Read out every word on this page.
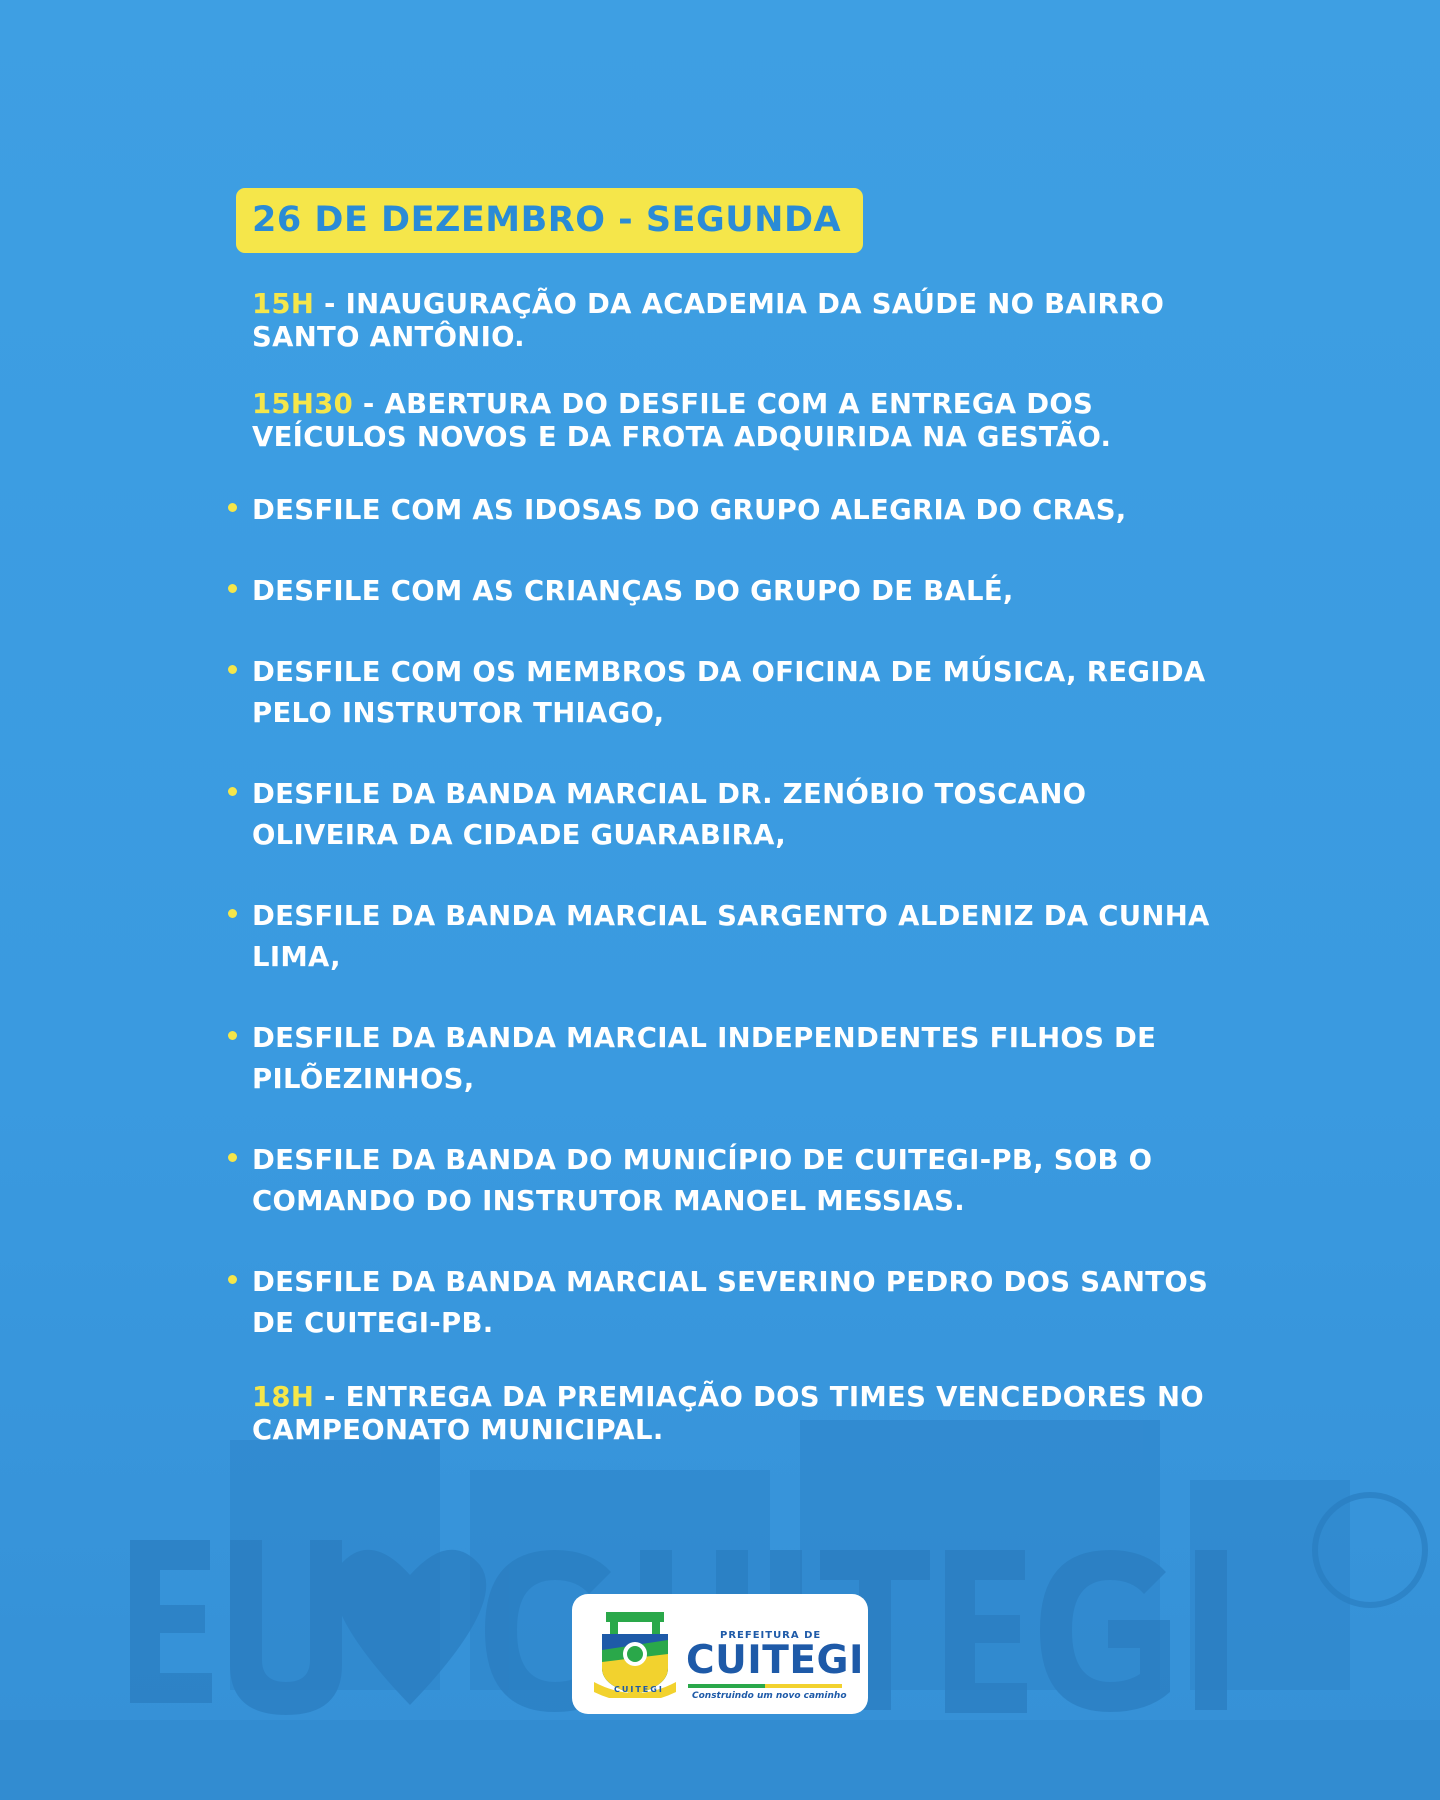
26 DE DEZEMBRO - SEGUNDA
15H - INAUGURAÇÃO DA ACADEMIA DA SAÚDE NO BAIRRO SANTO ANTÔNIO.
15H30 - ABERTURA DO DESFILE COM A ENTREGA DOS VEÍCULOS NOVOS E DA FROTA ADQUIRIDA NA GESTÃO.
DESFILE COM AS IDOSAS DO GRUPO ALEGRIA DO CRAS,
DESFILE COM AS CRIANÇAS DO GRUPO DE BALÉ,
DESFILE COM OS MEMBROS DA OFICINA DE MÚSICA, REGIDA PELO INSTRUTOR THIAGO,
DESFILE DA BANDA MARCIAL DR. ZENÓBIO TOSCANO OLIVEIRA DA CIDADE GUARABIRA,
DESFILE DA BANDA MARCIAL SARGENTO ALDENIZ DA CUNHA LIMA,
DESFILE DA BANDA MARCIAL INDEPENDENTES FILHOS DE PILÕEZINHOS,
DESFILE DA BANDA DO MUNICÍPIO DE CUITEGI-PB, SOB O COMANDO DO INSTRUTOR MANOEL MESSIAS.
DESFILE DA BANDA MARCIAL SEVERINO PEDRO DOS SANTOS DE CUITEGI-PB.
18H - ENTREGA DA PREMIAÇÃO DOS TIMES VENCEDORES NO CAMPEONATO MUNICIPAL.
CUITEGI
PREFEITURA DE
CUITEGI
Construindo um novo caminho
